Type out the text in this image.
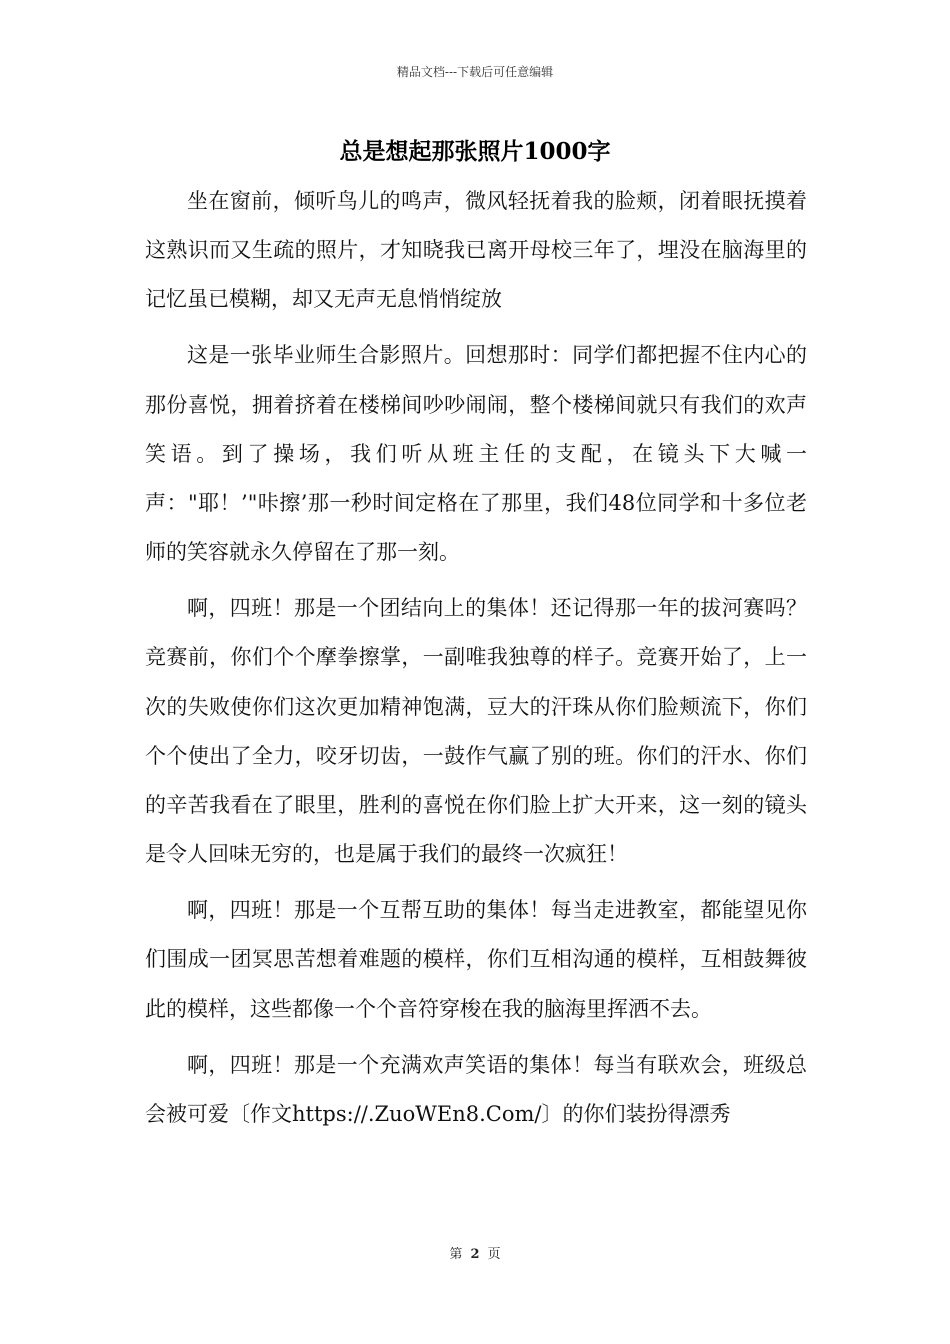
精品文档---下载后可任意编辑
总是想起那张照片1000字

坐在窗前，倾听鸟儿的鸣声，微风轻抚着我的脸颊，闭着眼抚摸着这熟识而又生疏的照片，才知晓我已离开母校三年了，埋没在脑海里的记忆虽已模糊，却又无声无息悄悄绽放

这是一张毕业师生合影照片。回想那时：同学们都把握不住内心的那份喜悦，拥着挤着在楼梯间吵吵闹闹，整个楼梯间就只有我们的欢声笑语。到了操场，我们听从班主任的支配，在镜头下大喊一声："耶！’"咔擦’那一秒时间定格在了那里，我们48位同学和十多位老师的笑容就永久停留在了那一刻。

啊，四班！那是一个团结向上的集体！还记得那一年的拔河赛吗？竞赛前，你们个个摩拳擦掌，一副唯我独尊的样子。竞赛开始了，上一次的失败使你们这次更加精神饱满，豆大的汗珠从你们脸颊流下，你们个个使出了全力，咬牙切齿，一鼓作气赢了别的班。你们的汗水、你们的辛苦我看在了眼里，胜利的喜悦在你们脸上扩大开来，这一刻的镜头是令人回味无穷的，也是属于我们的最终一次疯狂！

啊，四班！那是一个互帮互助的集体！每当走进教室，都能望见你们围成一团冥思苦想着难题的模样，你们互相沟通的模样，互相鼓舞彼此的模样，这些都像一个个音符穿梭在我的脑海里挥洒不去。

啊，四班！那是一个充满欢声笑语的集体！每当有联欢会，班级总会被可爱〔作文https://.ZuoWEn8.Com/〕的你们装扮得漂秀

第 2 页
